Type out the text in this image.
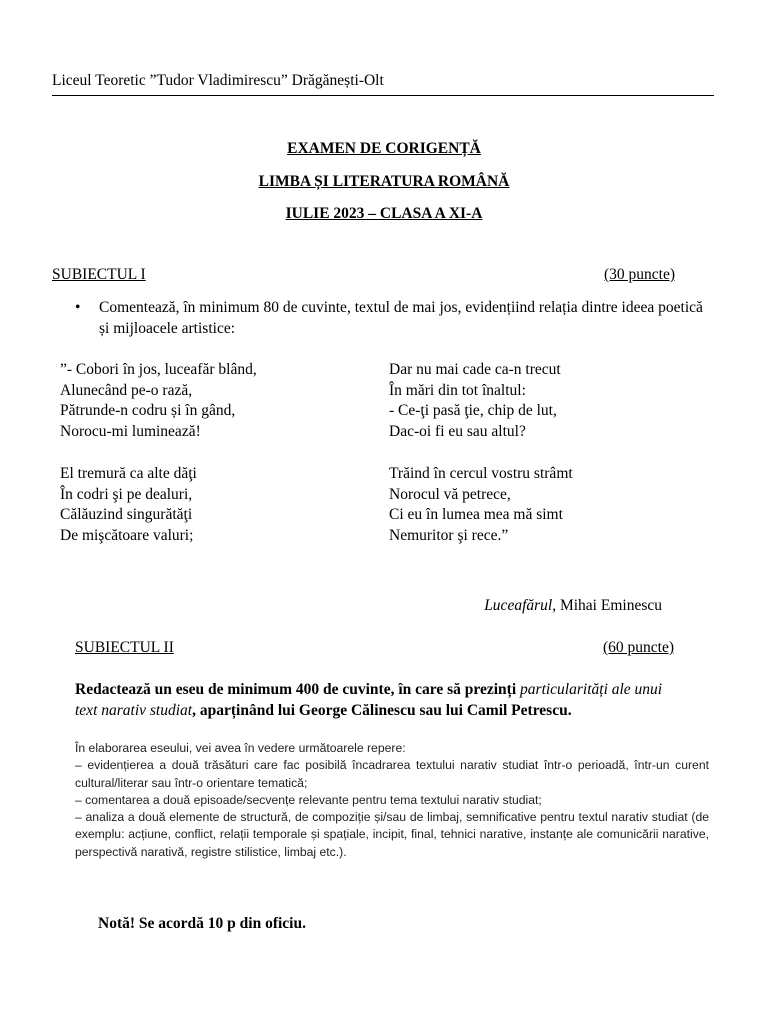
Liceul Teoretic ”Tudor Vladimirescu” Drăgănești-Olt
EXAMEN DE CORIGENȚĂ
LIMBA ȘI LITERATURA ROMÂNĂ
IULIE 2023 – CLASA A XI-A
SUBIECTUL I	(30 puncte)
• Comentează, în minimum 80 de cuvinte, textul de mai jos, evidențiind relația dintre ideea poetică și mijloacele artistice:
”- Cobori în jos, luceafăr blând,
Alunecând pe-o rază,
Pătrunde-n codru și în gând,
Norocu-mi luminează!
Dar nu mai cade ca-n trecut
În mări din tot înaltul:
- Ce-ţi pasă ţie, chip de lut,
Dac-oi fi eu sau altul?
El tremură ca alte dăţi
În codri şi pe dealuri,
Călăuzind singurătăţi
De mişcătoare valuri;
Trăind în cercul vostru strâmt
Norocul vă petrece,
Ci eu în lumea mea mă simt
Nemuritor şi rece.”
Luceafărul, Mihai Eminescu
SUBIECTUL II	(60 puncte)
Redactează un eseu de minimum 400 de cuvinte, în care să prezinți particularități ale unui text narativ studiat, aparținând lui George Călinescu sau lui Camil Petrescu.
În elaborarea eseului, vei avea în vedere următoarele repere:
– evidențierea a două trăsături care fac posibilă încadrarea textului narativ studiat într-o perioadă, într-un curent cultural/literar sau într-o orientare tematică;
– comentarea a două episoade/secvențe relevante pentru tema textului narativ studiat;
– analiza a două elemente de structură, de compoziție și/sau de limbaj, semnificative pentru textul narativ studiat (de exemplu: acțiune, conflict, relații temporale și spațiale, incipit, final, tehnici narative, instanțe ale comunicării narative, perspectivă narativă, registre stilistice, limbaj etc.).
Notă! Se acordă 10 p din oficiu.
